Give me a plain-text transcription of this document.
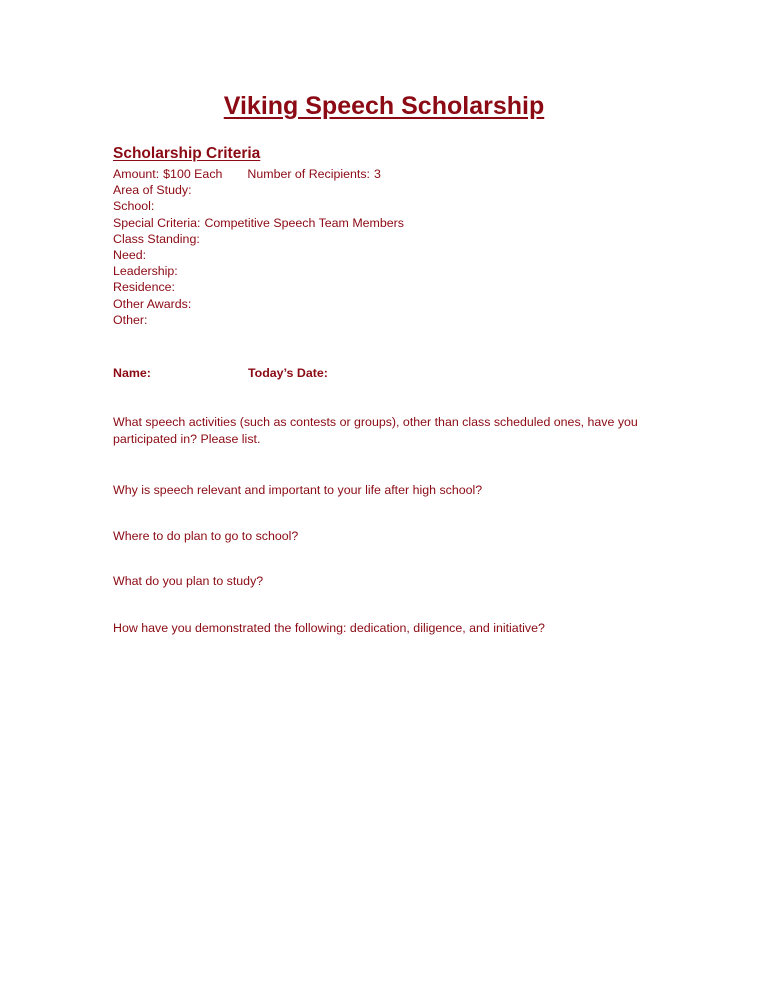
Viking Speech Scholarship
Scholarship Criteria
Amount: $100 Each Number of Recipients: 3
Area of Study:
School:
Special Criteria: Competitive Speech Team Members
Class Standing:
Need:
Leadership:
Residence:
Other Awards:
Other:
Name:	Today’s Date:
What speech activities (such as contests or groups), other than class scheduled ones, have you participated in? Please list.
Why is speech relevant and important to your life after high school?
Where to do plan to go to school?
What do you plan to study?
How have you demonstrated the following: dedication, diligence, and initiative?
